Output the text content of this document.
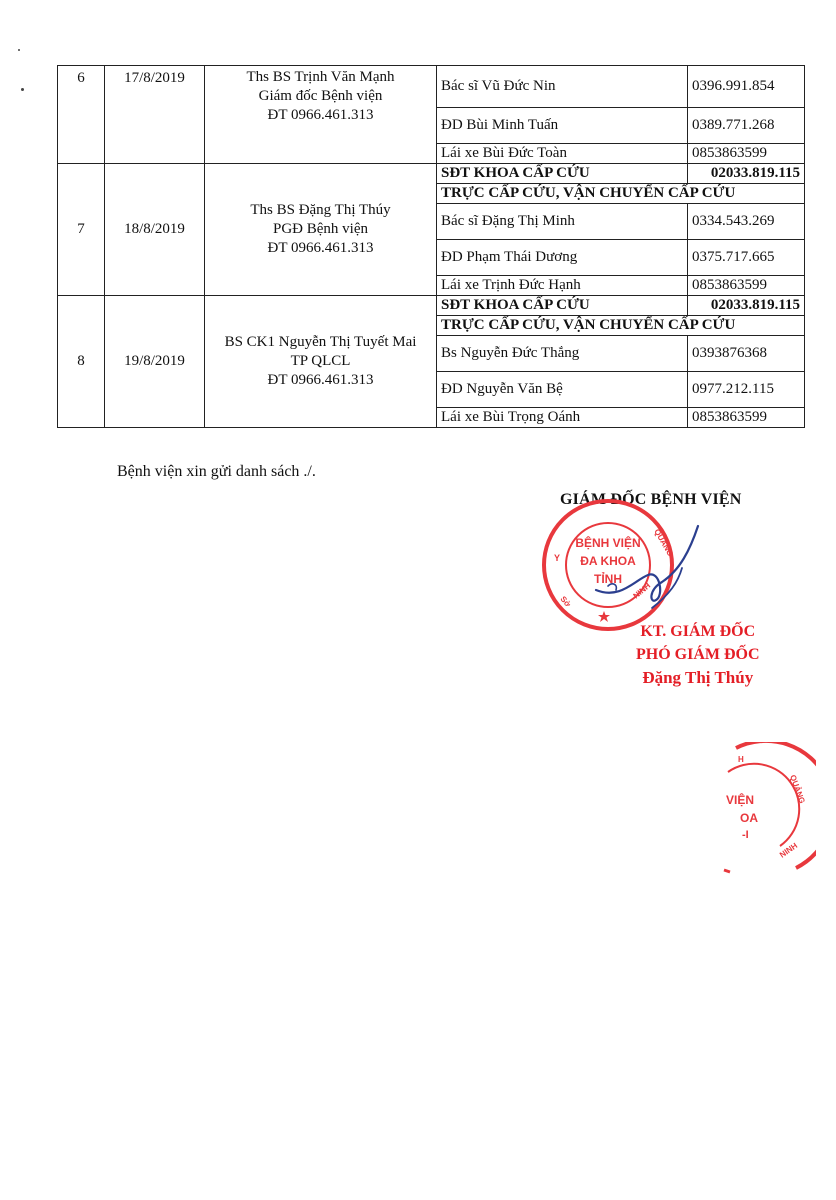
6	17/8/2019	Ths BS Trịnh Văn Mạnh
Giám đốc Bệnh viện
ĐT 0966.461.313	Bác sĩ Vũ Đức Nin	0396.991.854
			ĐD Bùi Minh Tuấn	0389.771.268
			Lái xe Bùi Đức Toàn	0853863599
7	18/8/2019	Ths BS Đặng Thị Thúy
PGĐ Bệnh viện
ĐT 0966.461.313	SĐT KHOA CẤP CỨU	02033.819.115
			TRỰC CẤP CỨU, VẬN CHUYỂN CẤP CỨU	
			Bác sĩ Đặng Thị Minh	0334.543.269
			ĐD Phạm Thái Dương	0375.717.665
			Lái xe Trịnh Đức Hạnh	0853863599
8	19/8/2019	BS CK1 Nguyễn Thị Tuyết Mai
TP QLCL
ĐT 0966.461.313	SĐT KHOA CẤP CỨU	02033.819.115
			TRỰC CẤP CỨU, VẬN CHUYỂN CẤP CỨU	
			Bs Nguyễn Đức Thắng	0393876368
			ĐD Nguyễn Văn Bệ	0977.212.115
			Lái xe Bùi Trọng Oánh	0853863599
Bệnh viện xin gửi danh sách ./.
GIÁM ĐỐC BỆNH VIỆN
BỆNH VIỆN
ĐA KHOA
TỈNH
Y
QUẢNG
NINH
Sở
KT. GIÁM ĐỐC
PHÓ GIÁM ĐỐC
Đặng Thị Thúy
VIỆN
OA
-I
H
QUẢNG
NINH
